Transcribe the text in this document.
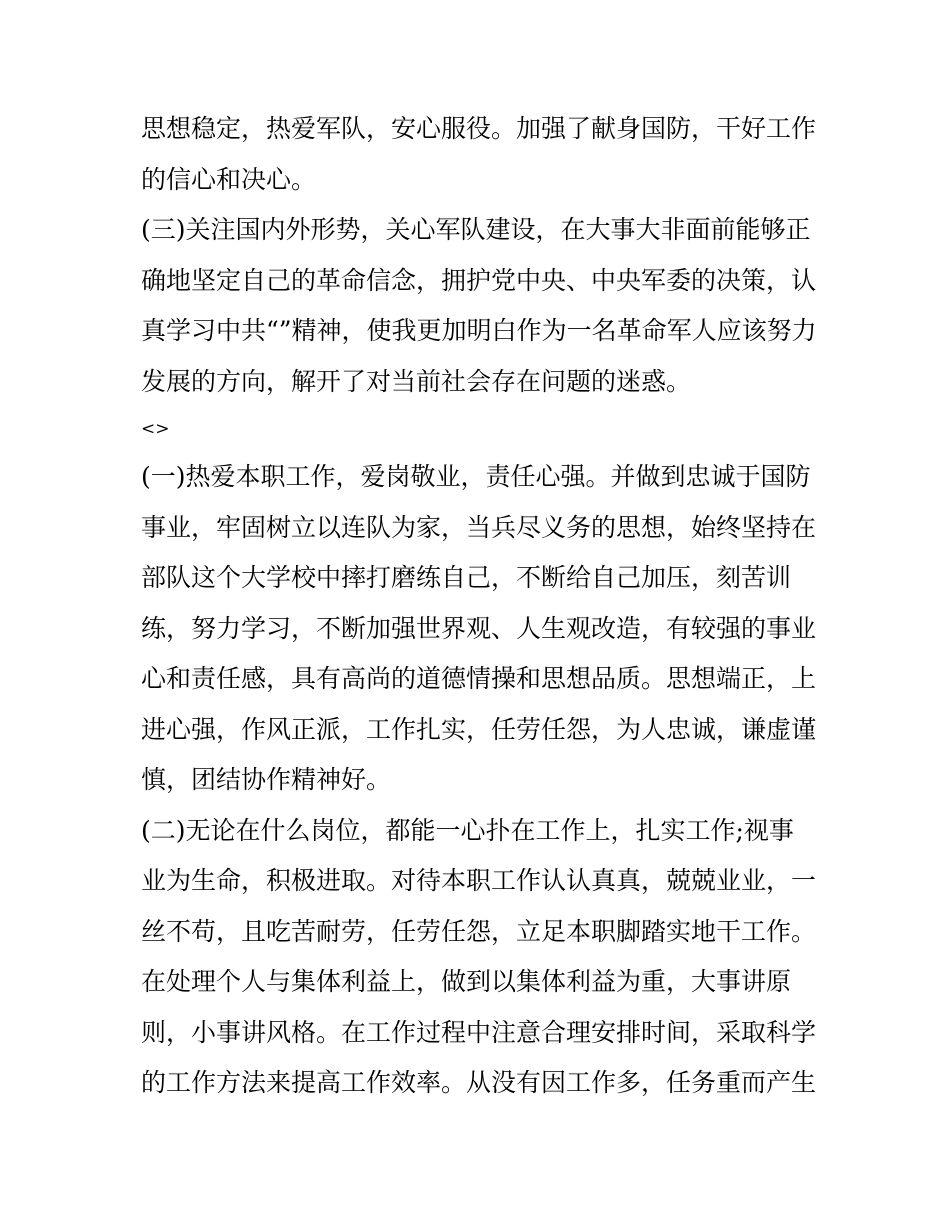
思想稳定，热爱军队，安心服役。加强了献身国防，干好工作
的信心和决心。
(三)关注国内外形势，关心军队建设，在大事大非面前能够正
确地坚定自己的革命信念，拥护党中央、中央军委的决策，认
真学习中共“”精神，使我更加明白作为一名革命军人应该努力
发展的方向，解开了对当前社会存在问题的迷惑。
<>
(一)热爱本职工作，爱岗敬业，责任心强。并做到忠诚于国防
事业，牢固树立以连队为家，当兵尽义务的思想，始终坚持在
部队这个大学校中摔打磨练自己，不断给自己加压，刻苦训
练，努力学习，不断加强世界观、人生观改造，有较强的事业
心和责任感，具有高尚的道德情操和思想品质。思想端正，上
进心强，作风正派，工作扎实，任劳任怨，为人忠诚，谦虚谨
慎，团结协作精神好。
(二)无论在什么岗位，都能一心扑在工作上，扎实工作;视事
业为生命，积极进取。对待本职工作认认真真，兢兢业业，一
丝不苟，且吃苦耐劳，任劳任怨，立足本职脚踏实地干工作。
在处理个人与集体利益上，做到以集体利益为重，大事讲原
则，小事讲风格。在工作过程中注意合理安排时间，采取科学
的工作方法来提高工作效率。从没有因工作多，任务重而产生
